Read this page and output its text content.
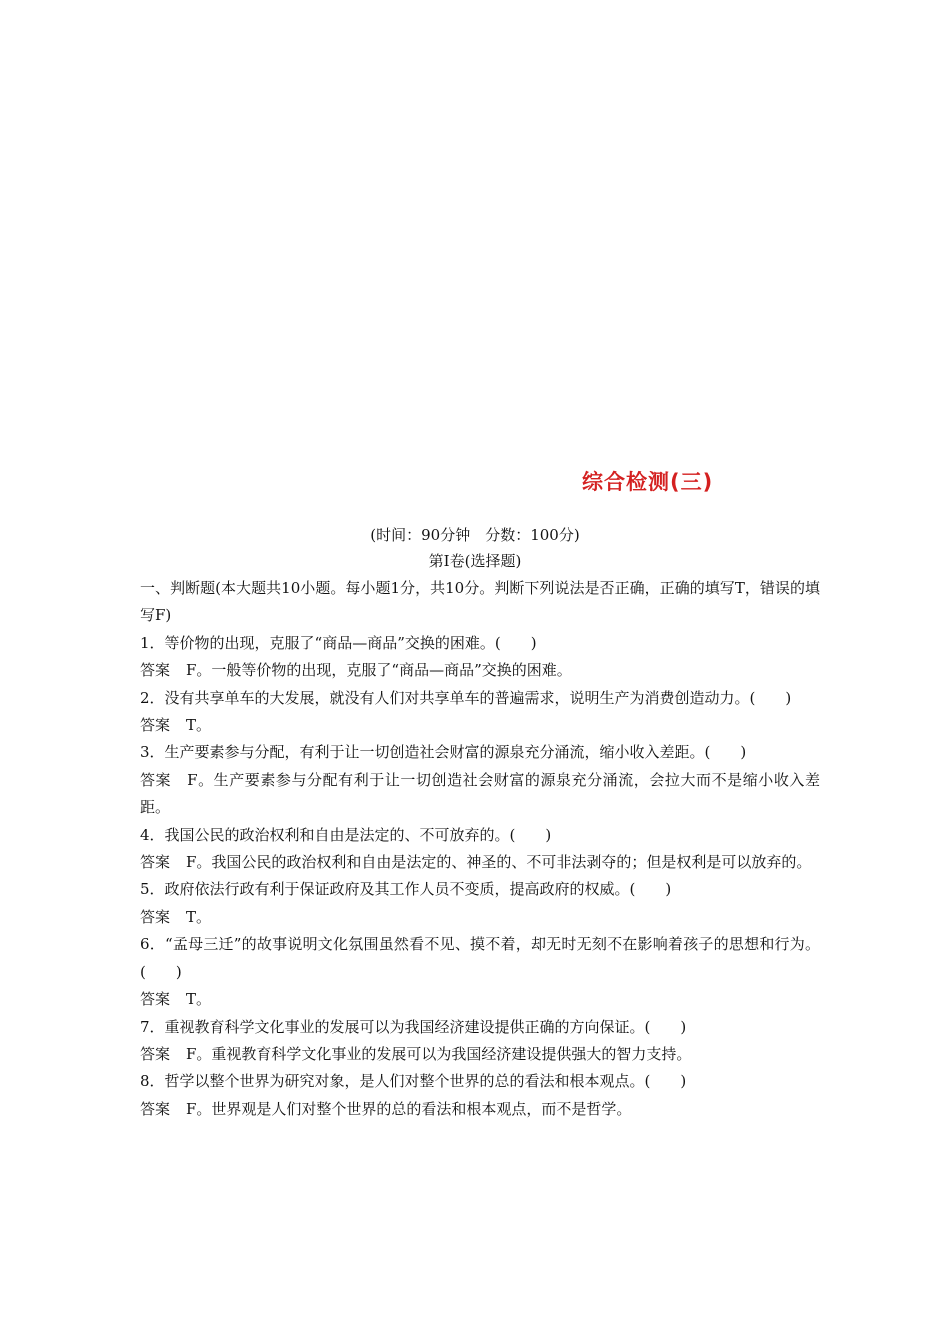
综合检测(三)
(时间：90分钟　分数：100分)
第Ⅰ卷(选择题)

一、判断题(本大题共10小题。每小题1分，共10分。判断下列说法是否正确，正确的填写T，错误的填写F)

1．等价物的出现，克服了“商品—商品”交换的困难。(　　)

答案 F。一般等价物的出现，克服了“商品—商品”交换的困难。

2．没有共享单车的大发展，就没有人们对共享单车的普遍需求，说明生产为消费创造动力。(　　)

答案 T。

3．生产要素参与分配，有利于让一切创造社会财富的源泉充分涌流，缩小收入差距。(　　)

答案 F。生产要素参与分配有利于让一切创造社会财富的源泉充分涌流，会拉大而不是缩小收入差距。

4．我国公民的政治权利和自由是法定的、不可放弃的。(　　)

答案 F。我国公民的政治权利和自由是法定的、神圣的、不可非法剥夺的；但是权利是可以放弃的。

5．政府依法行政有利于保证政府及其工作人员不变质，提高政府的权威。(　　)

答案 T。

6．“孟母三迁”的故事说明文化氛围虽然看不见、摸不着，却无时无刻不在影响着孩子的思想和行为。(　　)

答案 T。

7．重视教育科学文化事业的发展可以为我国经济建设提供正确的方向保证。(　　)

答案 F。重视教育科学文化事业的发展可以为我国经济建设提供强大的智力支持。

8．哲学以整个世界为研究对象，是人们对整个世界的总的看法和根本观点。(　　)

答案 F。世界观是人们对整个世界的总的看法和根本观点，而不是哲学。
